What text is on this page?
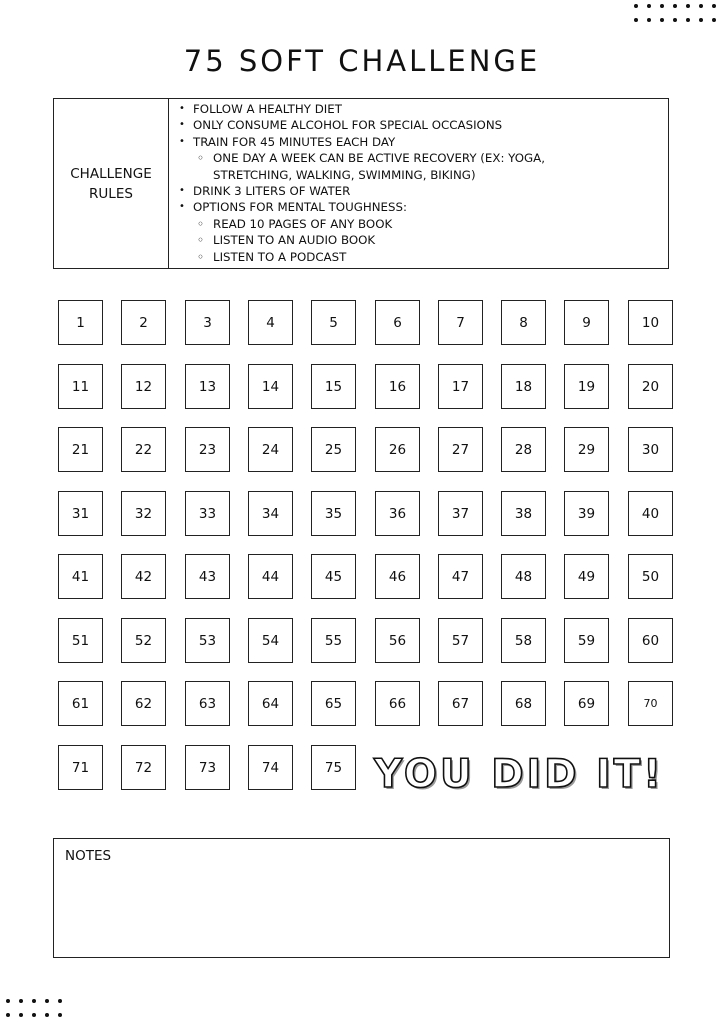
75 SOFT CHALLENGE
CHALLENGE
RULES
• FOLLOW A HEALTHY DIET
• ONLY CONSUME ALCOHOL FOR SPECIAL OCCASIONS
• TRAIN FOR 45 MINUTES EACH DAY
◦ ONE DAY A WEEK CAN BE ACTIVE RECOVERY (EX: YOGA,
STRETCHING, WALKING, SWIMMING, BIKING)
• DRINK 3 LITERS OF WATER
• OPTIONS FOR MENTAL TOUGHNESS:
◦ READ 10 PAGES OF ANY BOOK
◦ LISTEN TO AN AUDIO BOOK
◦ LISTEN TO A PODCAST
1	2	3	4	5	6	7	8	9	10
11	12	13	14	15	16	17	18	19	20
21	22	23	24	25	26	27	28	29	30
31	32	33	34	35	36	37	38	39	40
41	42	43	44	45	46	47	48	49	50
51	52	53	54	55	56	57	58	59	60
61	62	63	64	65	66	67	68	69	70
71	72	73	74	75 YOU DID IT!
NOTES
